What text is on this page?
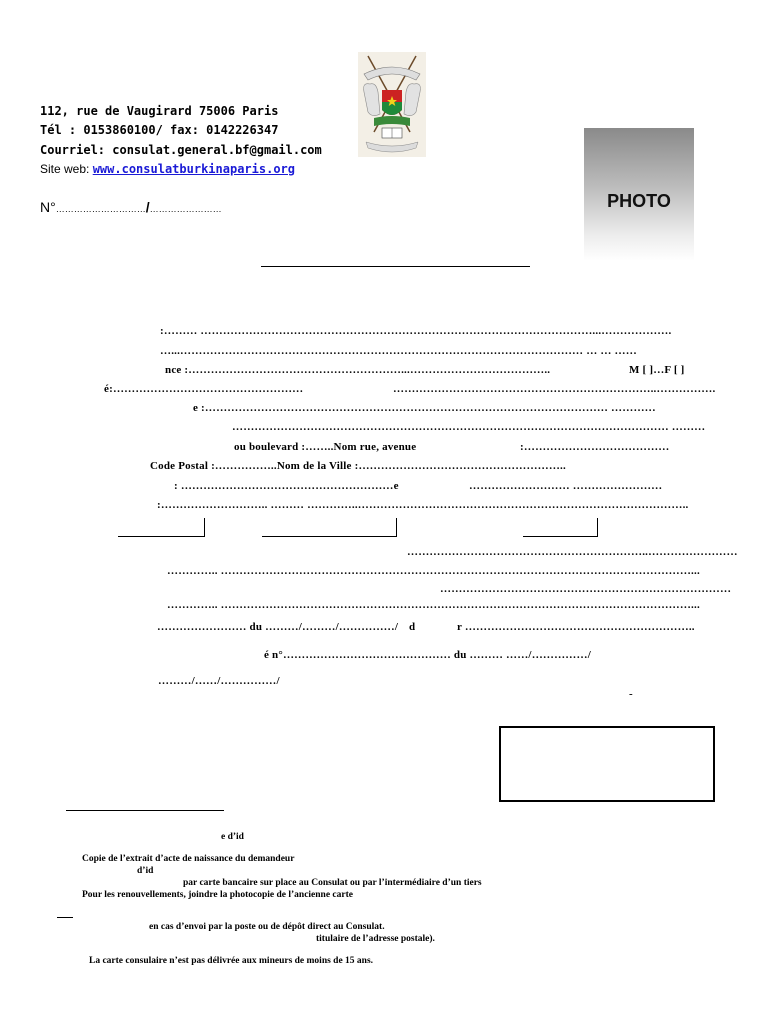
112, rue de Vaugirard 75006 Paris
Tél : 0153860100/ fax: 0142226347
Courriel: consulat.general.bf@gmail.com
Site web: www.consulatburkinaparis.org
N°…………………………/……………………	PHOTO
:……… ……………………………………………………………………………………………...……………….
…...……………………………………………………………………………………………… … … ……
nce :…………………………………………………...………………………………..	M [ ]…F [ ]
é:……………………………………………	……………………………………………………………..…………….
e :……………………………………………………………………………………………… …………
……………………………………………………………………………………………………… ………
ou boulevard :……..Nom rue, avenue	:…………………………………
Code Postal :……………..Nom de la Ville :………………………………………………..
: …………………………………………………e	……………………… ……………………
:……………………….. ……… …………..……………………………………………………………………………..
………………………………………………………..……………………
………….. ………………………………………………………………………………………………………………...
……………………………………………………………………
………….. ………………………………………………………………………………………………………………...
…………………… du ………/………/……………/ d	r ……………………………………………………..
é n°……………………………………… du ……… ……/……………/
………/……/……………/
-
e d’id
Copie de l’extrait d’acte de naissance du demandeur
d’id
par carte bancaire sur place au Consulat ou par l’intermédiaire d’un tiers
Pour les renouvellements, joindre la photocopie de l’ancienne carte
en cas d’envoi par la poste ou de dépôt direct au Consulat.
titulaire de l’adresse postale).
La carte consulaire n’est pas délivrée aux mineurs de moins de 15 ans.
